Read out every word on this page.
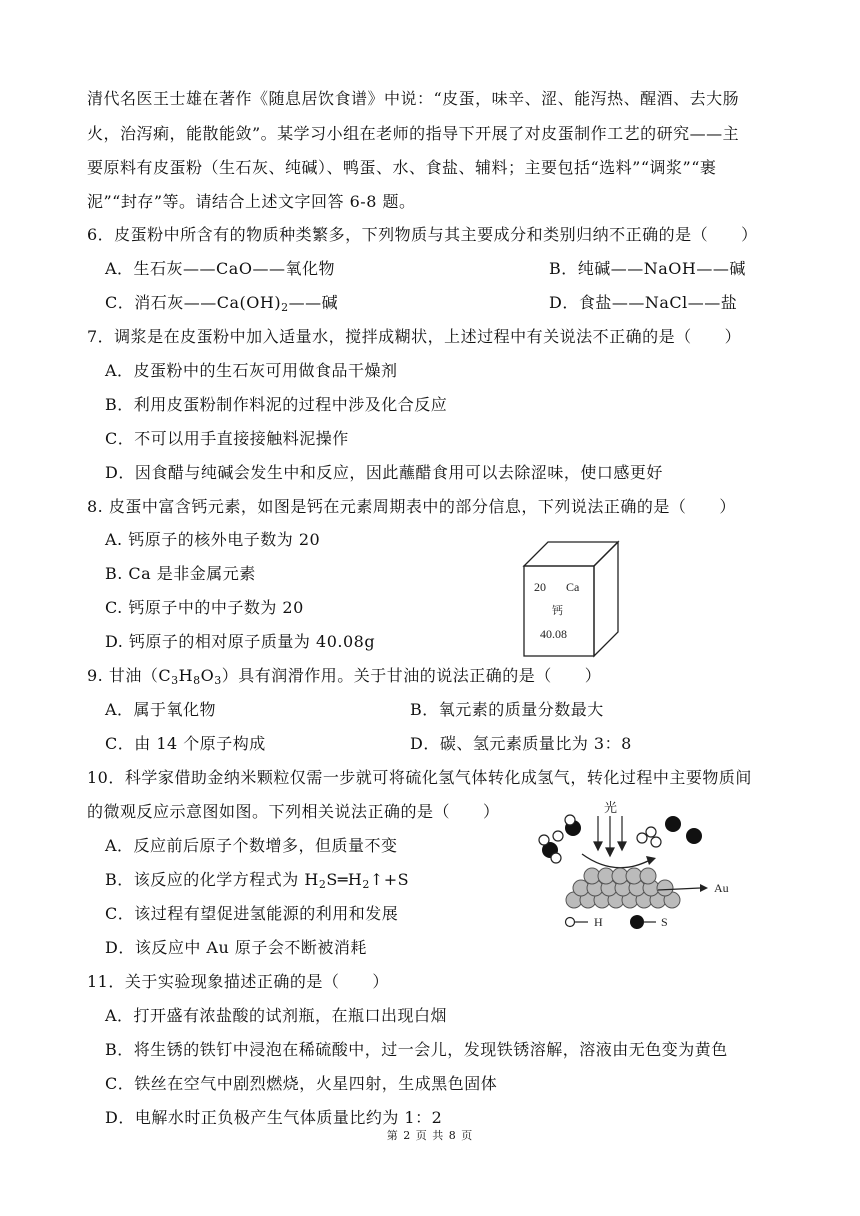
清代名医王士雄在著作《随息居饮食谱》中说：“皮蛋，味辛、涩、能泻热、醒酒、去大肠
火，治泻痢，能散能敛”。某学习小组在老师的指导下开展了对皮蛋制作工艺的研究——主
要原料有皮蛋粉（生石灰、纯碱）、鸭蛋、水、食盐、辅料；主要包括“选料”“调浆”“裹
泥”“封存”等。请结合上述文字回答 6-8 题。
6．皮蛋粉中所含有的物质种类繁多，下列物质与其主要成分和类别归纳不正确的是（　　）
A．生石灰——CaO——氧化物	B．纯碱——NaOH——碱
C．消石灰$——Ca(OH)_2——$碱	D．食盐——NaCl——盐
7．调浆是在皮蛋粉中加入适量水，搅拌成糊状，上述过程中有关说法不正确的是（　　）
A．皮蛋粉中的生石灰可用做食品干燥剂
B．利用皮蛋粉制作料泥的过程中涉及化合反应
C．不可以用手直接接触料泥操作
D．因食醋与纯碱会发生中和反应，因此蘸醋食用可以去除涩味，使口感更好
8. 皮蛋中富含钙元素，如图是钙在元素周期表中的部分信息，下列说法正确的是（　　）
A. 钙原子的核外电子数为 20
B. Ca 是非金属元素
C. 钙原子中的中子数为 20
D. 钙原子的相对原子质量为 40.08g
20 Ca
钙
40.08
9. 甘油$(C_3H_8O_3)$具有润滑作用。关于甘油的说法正确的是（　　）
A．属于氧化物	B．氧元素的质量分数最大
C．由 14 个原子构成	D．碳、氢元素质量比为 3：8
10．科学家借助金纳米颗粒仅需一步就可将硫化氢气体转化成氢气，转化过程中主要物质间
的微观反应示意图如图。下列相关说法正确的是（　　）
A．反应前后原子个数增多，但质量不变
B．该反应的化学方程式为 $H_2S═H_2↑+S$
C．该过程有望促进氢能源的利用和发展
D．该反应中 Au 原子会不断被消耗
光
Au
H	S
11．关于实验现象描述正确的是（　　）
A．打开盛有浓盐酸的试剂瓶，在瓶口出现白烟
B．将生锈的铁钉中浸泡在稀硫酸中，过一会儿，发现铁锈溶解，溶液由无色变为黄色
C．铁丝在空气中剧烈燃烧，火星四射，生成黑色固体
D．电解水时正负极产生气体质量比约为 1：2
第 2 页 共 8 页
